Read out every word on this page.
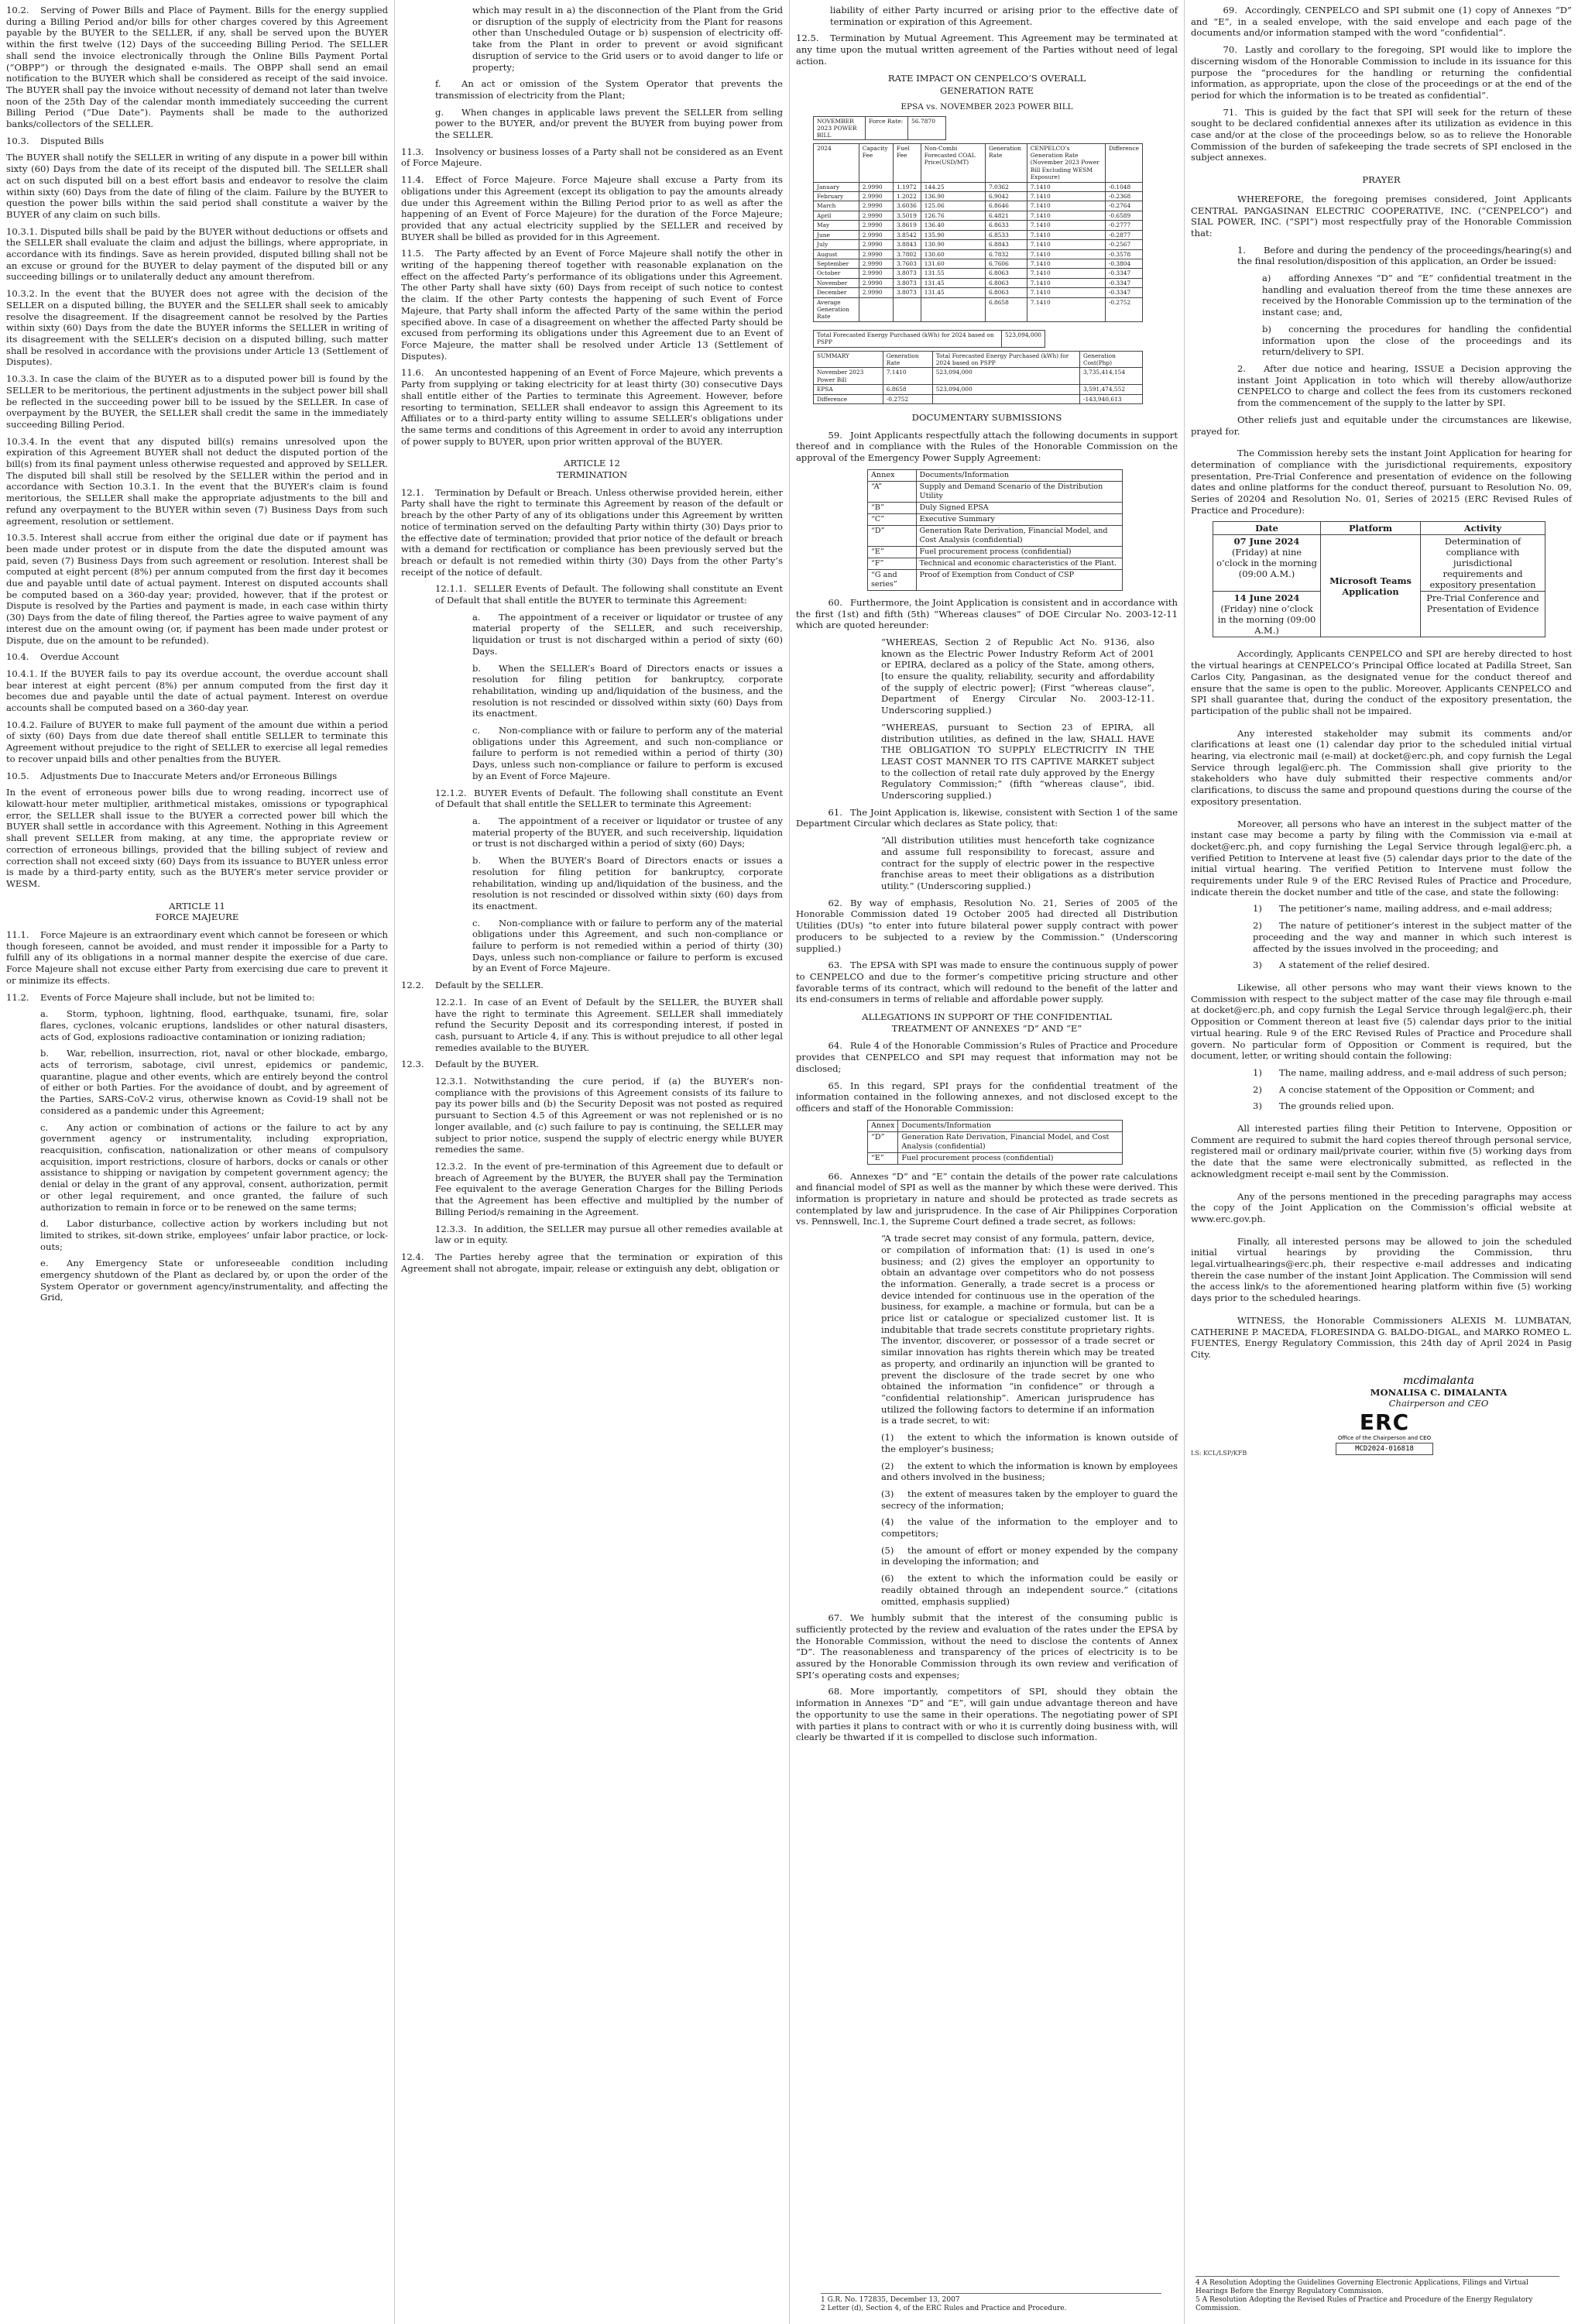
10.2. Serving of Power Bills and Place of Payment. Bills for the energy supplied during a Billing Period and/or bills for other charges covered by this Agreement payable by the BUYER to the SELLER, if any, shall be served upon the BUYER within the first twelve (12) Days of the succeeding Billing Period. The SELLER shall send the invoice electronically through the Online Bills Payment Portal (“OBPP”) or through the designated e-mails. The OBPP shall send an email notification to the BUYER which shall be considered as receipt of the said invoice. The BUYER shall pay the invoice without necessity of demand not later than twelve noon of the 25th Day of the calendar month immediately succeeding the current Billing Period (“Due Date”). Payments shall be made to the authorized banks/collectors of the SELLER.

10.3. Disputed Bills

The BUYER shall notify the SELLER in writing of any dispute in a power bill within sixty (60) Days from the date of its receipt of the disputed bill. The SELLER shall act on such disputed bill on a best effort basis and endeavor to resolve the claim within sixty (60) Days from the date of filing of the claim. Failure by the BUYER to question the power bills within the said period shall constitute a waiver by the BUYER of any claim on such bills.

10.3.1. Disputed bills shall be paid by the BUYER without deductions or offsets and the SELLER shall evaluate the claim and adjust the billings, where appropriate, in accordance with its findings. Save as herein provided, disputed billing shall not be an excuse or ground for the BUYER to delay payment of the disputed bill or any succeeding billings or to unilaterally deduct any amount therefrom.

10.3.2. In the event that the BUYER does not agree with the decision of the SELLER on a disputed billing, the BUYER and the SELLER shall seek to amicably resolve the disagreement. If the disagreement cannot be resolved by the Parties within sixty (60) Days from the date the BUYER informs the SELLER in writing of its disagreement with the SELLER’s decision on a disputed billing, such matter shall be resolved in accordance with the provisions under Article 13 (Settlement of Disputes).

10.3.3. In case the claim of the BUYER as to a disputed power bill is found by the SELLER to be meritorious, the pertinent adjustments in the subject power bill shall be reflected in the succeeding power bill to be issued by the SELLER. In case of overpayment by the BUYER, the SELLER shall credit the same in the immediately succeeding Billing Period.

10.3.4. In the event that any disputed bill(s) remains unresolved upon the expiration of this Agreement BUYER shall not deduct the disputed portion of the bill(s) from its final payment unless otherwise requested and approved by SELLER. The disputed bill shall still be resolved by the SELLER within the period and in accordance with Section 10.3.1. In the event that the BUYER’s claim is found meritorious, the SELLER shall make the appropriate adjustments to the bill and refund any overpayment to the BUYER within seven (7) Business Days from such agreement, resolution or settlement.

10.3.5. Interest shall accrue from either the original due date or if payment has been made under protest or in dispute from the date the disputed amount was paid, seven (7) Business Days from such agreement or resolution. Interest shall be computed at eight percent (8%) per annum computed from the first day it becomes due and payable until date of actual payment. Interest on disputed accounts shall be computed based on a 360-day year; provided, however, that if the protest or Dispute is resolved by the Parties and payment is made, in each case within thirty (30) Days from the date of filing thereof, the Parties agree to waive payment of any interest due on the amount owing (or, if payment has been made under protest or Dispute, due on the amount to be refunded).

10.4. Overdue Account

10.4.1. If the BUYER fails to pay its overdue account, the overdue account shall bear interest at eight percent (8%) per annum computed from the first day it becomes due and payable until the date of actual payment. Interest on overdue accounts shall be computed based on a 360-day year.

10.4.2. Failure of BUYER to make full payment of the amount due within a period of sixty (60) Days from due date thereof shall entitle SELLER to terminate this Agreement without prejudice to the right of SELLER to exercise all legal remedies to recover unpaid bills and other penalties from the BUYER.

10.5. Adjustments Due to Inaccurate Meters and/or Erroneous Billings

In the event of erroneous power bills due to wrong reading, incorrect use of kilowatt-hour meter multiplier, arithmetical mistakes, omissions or typographical error, the SELLER shall issue to the BUYER a corrected power bill which the BUYER shall settle in accordance with this Agreement. Nothing in this Agreement shall prevent SELLER from making, at any time, the appropriate review or correction of erroneous billings, provided that the billing subject of review and correction shall not exceed sixty (60) Days from its issuance to BUYER unless error is made by a third-party entity, such as the BUYER’s meter service provider or WESM.

ARTICLE 11
FORCE MAJEURE

11.1. Force Majeure is an extraordinary event which cannot be foreseen or which though foreseen, cannot be avoided, and must render it impossible for a Party to fulfill any of its obligations in a normal manner despite the exercise of due care. Force Majeure shall not excuse either Party from exercising due care to prevent it or minimize its effects.

11.2. Events of Force Majeure shall include, but not be limited to:

a. Storm, typhoon, lightning, flood, earthquake, tsunami, fire, solar flares, cyclones, volcanic eruptions, landslides or other natural disasters, acts of God, explosions radioactive contamination or ionizing radiation;
b. War, rebellion, insurrection, riot, naval or other blockade, embargo, acts of terrorism, sabotage, civil unrest, epidemics or pandemic, quarantine, plague and other events, which are entirely beyond the control of either or both Parties. For the avoidance of doubt, and by agreement of the Parties, SARS-CoV-2 virus, otherwise known as Covid-19 shall not be considered as a pandemic under this Agreement;
c. Any action or combination of actions or the failure to act by any government agency or instrumentality, including expropriation, reacquisition, confiscation, nationalization or other means of compulsory acquisition, import restrictions, closure of harbors, docks or canals or other assistance to shipping or navigation by competent government agency; the denial or delay in the grant of any approval, consent, authorization, permit or other legal requirement, and once granted, the failure of such authorization to remain in force or to be renewed on the same terms;
d. Labor disturbance, collective action by workers including but not limited to strikes, sit-down strike, employees’ unfair labor practice, or lock-outs;
e. Any Emergency State or unforeseeable condition including emergency shutdown of the Plant as declared by, or upon the order of the System Operator or government agency/instrumentality, and affecting the Grid,

which may result in a) the disconnection of the Plant from the Grid or disruption of the supply of electricity from the Plant for reasons other than Unscheduled Outage or b) suspension of electricity off-take from the Plant in order to prevent or avoid significant disruption of service to the Grid users or to avoid danger to life or property;

f. An act or omission of the System Operator that prevents the transmission of electricity from the Plant;
g. When changes in applicable laws prevent the SELLER from selling power to the BUYER, and/or prevent the BUYER from buying power from the SELLER.

11.3. Insolvency or business losses of a Party shall not be considered as an Event of Force Majeure.

11.4. Effect of Force Majeure. Force Majeure shall excuse a Party from its obligations under this Agreement (except its obligation to pay the amounts already due under this Agreement within the Billing Period prior to as well as after the happening of an Event of Force Majeure) for the duration of the Force Majeure; provided that any actual electricity supplied by the SELLER and received by BUYER shall be billed as provided for in this Agreement.

11.5. The Party affected by an Event of Force Majeure shall notify the other in writing of the happening thereof together with reasonable explanation on the effect on the affected Party’s performance of its obligations under this Agreement. The other Party shall have sixty (60) Days from receipt of such notice to contest the claim. If the other Party contests the happening of such Event of Force Majeure, that Party shall inform the affected Party of the same within the period specified above. In case of a disagreement on whether the affected Party should be excused from performing its obligations under this Agreement due to an Event of Force Majeure, the matter shall be resolved under Article 13 (Settlement of Disputes).

11.6. An uncontested happening of an Event of Force Majeure, which prevents a Party from supplying or taking electricity for at least thirty (30) consecutive Days shall entitle either of the Parties to terminate this Agreement. However, before resorting to termination, SELLER shall endeavor to assign this Agreement to its Affiliates or to a third-party entity willing to assume SELLER’s obligations under the same terms and conditions of this Agreement in order to avoid any interruption of power supply to BUYER, upon prior written approval of the BUYER.

ARTICLE 12
TERMINATION

12.1. Termination by Default or Breach. Unless otherwise provided herein, either Party shall have the right to terminate this Agreement by reason of the default or breach by the other Party of any of its obligations under this Agreement by written notice of termination served on the defaulting Party within thirty (30) Days prior to the effective date of termination; provided that prior notice of the default or breach with a demand for rectification or compliance has been previously served but the breach or default is not remedied within thirty (30) Days from the other Party’s receipt of the notice of default.

12.1.1. SELLER Events of Default. The following shall constitute an Event of Default that shall entitle the BUYER to terminate this Agreement:

a. The appointment of a receiver or liquidator or trustee of any material property of the SELLER, and such receivership, liquidation or trust is not discharged within a period of sixty (60) Days.
b. When the SELLER’s Board of Directors enacts or issues a resolution for filing petition for bankruptcy, corporate rehabilitation, winding up and/liquidation of the business, and the resolution is not rescinded or dissolved within sixty (60) Days from its enactment.
c. Non-compliance with or failure to perform any of the material obligations under this Agreement, and such non-compliance or failure to perform is not remedied within a period of thirty (30) Days, unless such non-compliance or failure to perform is excused by an Event of Force Majeure.

12.1.2. BUYER Events of Default. The following shall constitute an Event of Default that shall entitle the SELLER to terminate this Agreement:

a. The appointment of a receiver or liquidator or trustee of any material property of the BUYER, and such receivership, liquidation or trust is not discharged within a period of sixty (60) Days;
b. When the BUYER’s Board of Directors enacts or issues a resolution for filing petition for bankruptcy, corporate rehabilitation, winding up and/liquidation of the business, and the resolution is not rescinded or dissolved within sixty (60) days from its enactment.
c. Non-compliance with or failure to perform any of the material obligations under this Agreement, and such non-compliance or failure to perform is not remedied within a period of thirty (30) Days, unless such non-compliance or failure to perform is excused by an Event of Force Majeure.

12.2. Default by the SELLER.

12.2.1. In case of an Event of Default by the SELLER, the BUYER shall have the right to terminate this Agreement. SELLER shall immediately refund the Security Deposit and its corresponding interest, if posted in cash, pursuant to Article 4, if any. This is without prejudice to all other legal remedies available to the BUYER.

12.3. Default by the BUYER.

12.3.1. Notwithstanding the cure period, if (a) the BUYER’s non-compliance with the provisions of this Agreement consists of its failure to pay its power bills and (b) the Security Deposit was not posted as required pursuant to Section 4.5 of this Agreement or was not replenished or is no longer available, and (c) such failure to pay is continuing, the SELLER may subject to prior notice, suspend the supply of electric energy while BUYER remedies the same.

12.3.2. In the event of pre-termination of this Agreement due to default or breach of Agreement by the BUYER, the BUYER shall pay the Termination Fee equivalent to the average Generation Charges for the Billing Periods that the Agreement has been effective and multiplied by the number of Billing Period/s remaining in the Agreement.

12.3.3. In addition, the SELLER may pursue all other remedies available at law or in equity.

12.4. The Parties hereby agree that the termination or expiration of this Agreement shall not abrogate, impair, release or extinguish any debt, obligation or

liability of either Party incurred or arising prior to the effective date of termination or expiration of this Agreement.

12.5. Termination by Mutual Agreement. This Agreement may be terminated at any time upon the mutual written agreement of the Parties without need of legal action.

RATE IMPACT ON CENPELCO’S OVERALL
GENERATION RATE
EPSA vs. NOVEMBER 2023 POWER BILL
NOVEMBER 2023 POWER BILL	Force Rate:	56.7870
2024	Capacity Fee	Fuel Fee	Non-Combi Forecasted COAL Price(USD/MT)	Generation Rate	CENPELCO’s Generation Rate (November 2023 Power Bill Excluding WESM Exposure)	Difference
January	2.9990	1.1972	144.25	7.0362	7.1410	-0.1048
February	2.9990	1.2022	136.90	6.9042	7.1410	-0.2368
March	2.9990	3.6036	125.06	6.8646	7.1410	-0.2764
April	2.9990	3.5019	126.76	6.4821	7.1410	-0.6589
May	2.9990	3.8619	136.40	6.8633	7.1410	-0.2777
June	2.9990	3.8542	135.90	6.8533	7.1410	-0.2877
July	2.9990	3.8843	130.90	6.8843	7.1410	-0.2567
August	2.9990	3.7802	130.60	6.7832	7.1410	-0.3578
September	2.9990	3.7603	131.60	6.7606	7.1410	-0.3804
October	2.9990	3.8073	131.55	6.8063	7.1410	-0.3347
November	2.9990	3.8073	131.45	6.8063	7.1410	-0.3347
December	2.9990	3.8073	131.45	6.8063	7.1410	-0.3347
Average Generation Rate				6.8658	7.1410	-0.2752
Total Forecasted Energy Purchased (kWh) for 2024 based on PSPP	523,094,000
SUMMARY	Generation Rate	Total Forecasted Energy Purchased (kWh) for 2024 based on PSPP	Generation Cost(Php)
November 2023 Power Bill	7.1410	523,094,000	3,735,414,154
EPSA	6.8658	523,094,000	3,591,474,552
Difference	-0.2752		-143,940,613
DOCUMENTARY SUBMISSIONS

59. Joint Applicants respectfully attach the following documents in support thereof and in compliance with the Rules of the Honorable Commission on the approval of the Emergency Power Supply Agreement:

Annex	Documents/Information
“A”	Supply and Demand Scenario of the Distribution Utility
“B”	Duly Signed EPSA
“C”	Executive Summary
“D”	Generation Rate Derivation, Financial Model, and Cost Analysis (confidential)
“E”	Fuel procurement process (confidential)
“F”	Technical and economic characteristics of the Plant.
“G and series”	Proof of Exemption from Conduct of CSP

60. Furthermore, the Joint Application is consistent and in accordance with the first (1st) and fifth (5th) “Whereas clauses” of DOE Circular No. 2003-12-11 which are quoted hereunder:

“WHEREAS, Section 2 of Republic Act No. 9136, also known as the Electric Power Industry Reform Act of 2001 or EPIRA, declared as a policy of the State, among others, [to ensure the quality, reliability, security and affordability of the supply of electric power]; (First “whereas clause”, Department of Energy Circular No. 2003-12-11. Underscoring supplied.)

“WHEREAS, pursuant to Section 23 of EPIRA, all distribution utilities, as defined in the law, SHALL HAVE THE OBLIGATION TO SUPPLY ELECTRICITY IN THE LEAST COST MANNER TO ITS CAPTIVE MARKET subject to the collection of retail rate duly approved by the Energy Regulatory Commission;” (fifth “whereas clause”, ibid. Underscoring supplied.)

61. The Joint Application is, likewise, consistent with Section 1 of the same Department Circular which declares as State policy, that:

“All distribution utilities must henceforth take cognizance and assume full responsibility to forecast, assure and contract for the supply of electric power in the respective franchise areas to meet their obligations as a distribution utility.” (Underscoring supplied.)

62. By way of emphasis, Resolution No. 21, Series of 2005 of the Honorable Commission dated 19 October 2005 had directed all Distribution Utilities (DUs) “to enter into future bilateral power supply contract with power producers to be subjected to a review by the Commission.” (Underscoring supplied.)

63. The EPSA with SPI was made to ensure the continuous supply of power to CENPELCO and due to the former’s competitive pricing structure and other favorable terms of its contract, which will redound to the benefit of the latter and its end-consumers in terms of reliable and affordable power supply.

ALLEGATIONS IN SUPPORT OF THE CONFIDENTIAL
TREATMENT OF ANNEXES “D” AND “E”

64. Rule 4 of the Honorable Commission’s Rules of Practice and Procedure provides that CENPELCO and SPI may request that information may not be disclosed;

65. In this regard, SPI prays for the confidential treatment of the information contained in the following annexes, and not disclosed except to the officers and staff of the Honorable Commission:

Annex	Documents/Information
“D”	Generation Rate Derivation, Financial Model, and Cost Analysis (confidential)
“E”	Fuel procurement process (confidential)

66. Annexes “D” and “E” contain the details of the power rate calculations and financial model of SPI as well as the manner by which these were derived. This information is proprietary in nature and should be protected as trade secrets as contemplated by law and jurisprudence. In the case of Air Philippines Corporation vs. Pennswell, Inc.1, the Supreme Court defined a trade secret, as follows:

“A trade secret may consist of any formula, pattern, device, or compilation of information that: (1) is used in one’s business; and (2) gives the employer an opportunity to obtain an advantage over competitors who do not possess the information. Generally, a trade secret is a process or device intended for continuous use in the operation of the business, for example, a machine or formula, but can be a price list or catalogue or specialized customer list. It is indubitable that trade secrets constitute proprietary rights. The inventor, discoverer, or possessor of a trade secret or similar innovation has rights therein which may be treated as property, and ordinarily an injunction will be granted to prevent the disclosure of the trade secret by one who obtained the information “in confidence” or through a “confidential relationship”. American jurisprudence has utilized the following factors to determine if an information is a trade secret, to wit:

(1) the extent to which the information is known outside of the employer’s business;
(2) the extent to which the information is known by employees and others involved in the business;
(3) the extent of measures taken by the employer to guard the secrecy of the information;
(4) the value of the information to the employer and to competitors;
(5) the amount of effort or money expended by the company in developing the information; and
(6) the extent to which the information could be easily or readily obtained through an independent source.” (citations omitted, emphasis supplied)

67. We humbly submit that the interest of the consuming public is sufficiently protected by the review and evaluation of the rates under the EPSA by the Honorable Commission, without the need to disclose the contents of Annex “D”. The reasonableness and transparency of the prices of electricity is to be assured by the Honorable Commission through its own review and verification of SPI’s operating costs and expenses;

68. More importantly, competitors of SPI, should they obtain the information in Annexes “D” and “E”, will gain undue advantage thereon and have the opportunity to use the same in their operations. The negotiating power of SPI with parties it plans to contract with or who it is currently doing business with, will clearly be thwarted if it is compelled to disclose such information.

1 G.R. No. 172835, December 13, 2007
2 Letter (d), Section 4, of the ERC Rules and Practice and Procedure.

69. Accordingly, CENPELCO and SPI submit one (1) copy of Annexes “D” and “E”, in a sealed envelope, with the said envelope and each page of the documents and/or information stamped with the word “confidential”.

70. Lastly and corollary to the foregoing, SPI would like to implore the discerning wisdom of the Honorable Commission to include in its issuance for this purpose the “procedures for the handling or returning the confidential information, as appropriate, upon the close of the proceedings or at the end of the period for which the information is to be treated as confidential”.

71. This is guided by the fact that SPI will seek for the return of these sought to be declared confidential annexes after its utilization as evidence in this case and/or at the close of the proceedings below, so as to relieve the Honorable Commission of the burden of safekeeping the trade secrets of SPI enclosed in the subject annexes.

PRAYER

WHEREFORE, the foregoing premises considered, Joint Applicants CENTRAL PANGASINAN ELECTRIC COOPERATIVE, INC. (“CENPELCO”) and SIAL POWER, INC. (“SPI”) most respectfully pray of the Honorable Commission that:

1. Before and during the pendency of the proceedings/hearing(s) and the final resolution/disposition of this application, an Order be issued:
a) affording Annexes “D” and “E” confidential treatment in the handling and evaluation thereof from the time these annexes are received by the Honorable Commission up to the termination of the instant case; and,
b) concerning the procedures for handling the confidential information upon the close of the proceedings and its return/delivery to SPI.
2. After due notice and hearing, ISSUE a Decision approving the instant Joint Application in toto which will thereby allow/authorize CENPELCO to charge and collect the fees from its customers reckoned from the commencement of the supply to the latter by SPI.

Other reliefs just and equitable under the circumstances are likewise, prayed for.

The Commission hereby sets the instant Joint Application for hearing for determination of compliance with the jurisdictional requirements, expository presentation, Pre-Trial Conference and presentation of evidence on the following dates and online platforms for the conduct thereof, pursuant to Resolution No. 09, Series of 20204 and Resolution No. 01, Series of 20215 (ERC Revised Rules of Practice and Procedure):

Date	Platform	Activity
07 June 2024
(Friday) at nine o’clock in the morning (09:00 A.M.)	Microsoft Teams Application	Determination of compliance with jurisdictional requirements and expository presentation
14 June 2024
(Friday) nine o’clock in the morning (09:00 A.M.)		Pre-Trial Conference and Presentation of Evidence

Accordingly, Applicants CENPELCO and SPI are hereby directed to host the virtual hearings at CENPELCO’s Principal Office located at Padilla Street, San Carlos City, Pangasinan, as the designated venue for the conduct thereof and ensure that the same is open to the public. Moreover, Applicants CENPELCO and SPI shall guarantee that, during the conduct of the expository presentation, the participation of the public shall not be impaired.

Any interested stakeholder may submit its comments and/or clarifications at least one (1) calendar day prior to the scheduled initial virtual hearing, via electronic mail (e-mail) at docket@erc.ph, and copy furnish the Legal Service through legal@erc.ph. The Commission shall give priority to the stakeholders who have duly submitted their respective comments and/or clarifications, to discuss the same and propound questions during the course of the expository presentation.

Moreover, all persons who have an interest in the subject matter of the instant case may become a party by filing with the Commission via e-mail at docket@erc.ph, and copy furnishing the Legal Service through legal@erc.ph, a verified Petition to Intervene at least five (5) calendar days prior to the date of the initial virtual hearing. The verified Petition to Intervene must follow the requirements under Rule 9 of the ERC Revised Rules of Practice and Procedure, indicate therein the docket number and title of the case, and state the following:

1) The petitioner’s name, mailing address, and e-mail address;
2) The nature of petitioner’s interest in the subject matter of the proceeding and the way and manner in which such interest is affected by the issues involved in the proceeding; and
3) A statement of the relief desired.

Likewise, all other persons who may want their views known to the Commission with respect to the subject matter of the case may file through e-mail at docket@erc.ph, and copy furnish the Legal Service through legal@erc.ph, their Opposition or Comment thereon at least five (5) calendar days prior to the initial virtual hearing. Rule 9 of the ERC Revised Rules of Practice and Procedure shall govern. No particular form of Opposition or Comment is required, but the document, letter, or writing should contain the following:

1) The name, mailing address, and e-mail address of such person;
2) A concise statement of the Opposition or Comment; and
3) The grounds relied upon.

All interested parties filing their Petition to Intervene, Opposition or Comment are required to submit the hard copies thereof through personal service, registered mail or ordinary mail/private courier, within five (5) working days from the date that the same were electronically submitted, as reflected in the acknowledgment receipt e-mail sent by the Commission.

Any of the persons mentioned in the preceding paragraphs may access the copy of the Joint Application on the Commission’s official website at www.erc.gov.ph.

Finally, all interested persons may be allowed to join the scheduled initial virtual hearings by providing the Commission, thru legal.virtualhearings@erc.ph, their respective e-mail addresses and indicating therein the case number of the instant Joint Application. The Commission will send the access link/s to the aforementioned hearing platform within five (5) working days prior to the scheduled hearings.

WITNESS, the Honorable Commissioners ALEXIS M. LUMBATAN, CATHERINE P. MACEDA, FLORESINDA G. BALDO-DIGAL, and MARKO ROMEO L. FUENTES, Energy Regulatory Commission, this 24th day of April 2024 in Pasig City.

mcdimalanta
MONALISA C. DIMALANTA
Chairperson and CEO
LS: KCL/LSP/KFB
ERC
Office of the Chairperson and CEO
MCD2024-016818
4 A Resolution Adopting the Guidelines Governing Electronic Applications, Filings and Virtual Hearings Before the Energy Regulatory Commission.
5 A Resolution Adopting the Revised Rules of Practice and Procedure of the Energy Regulatory Commission.
